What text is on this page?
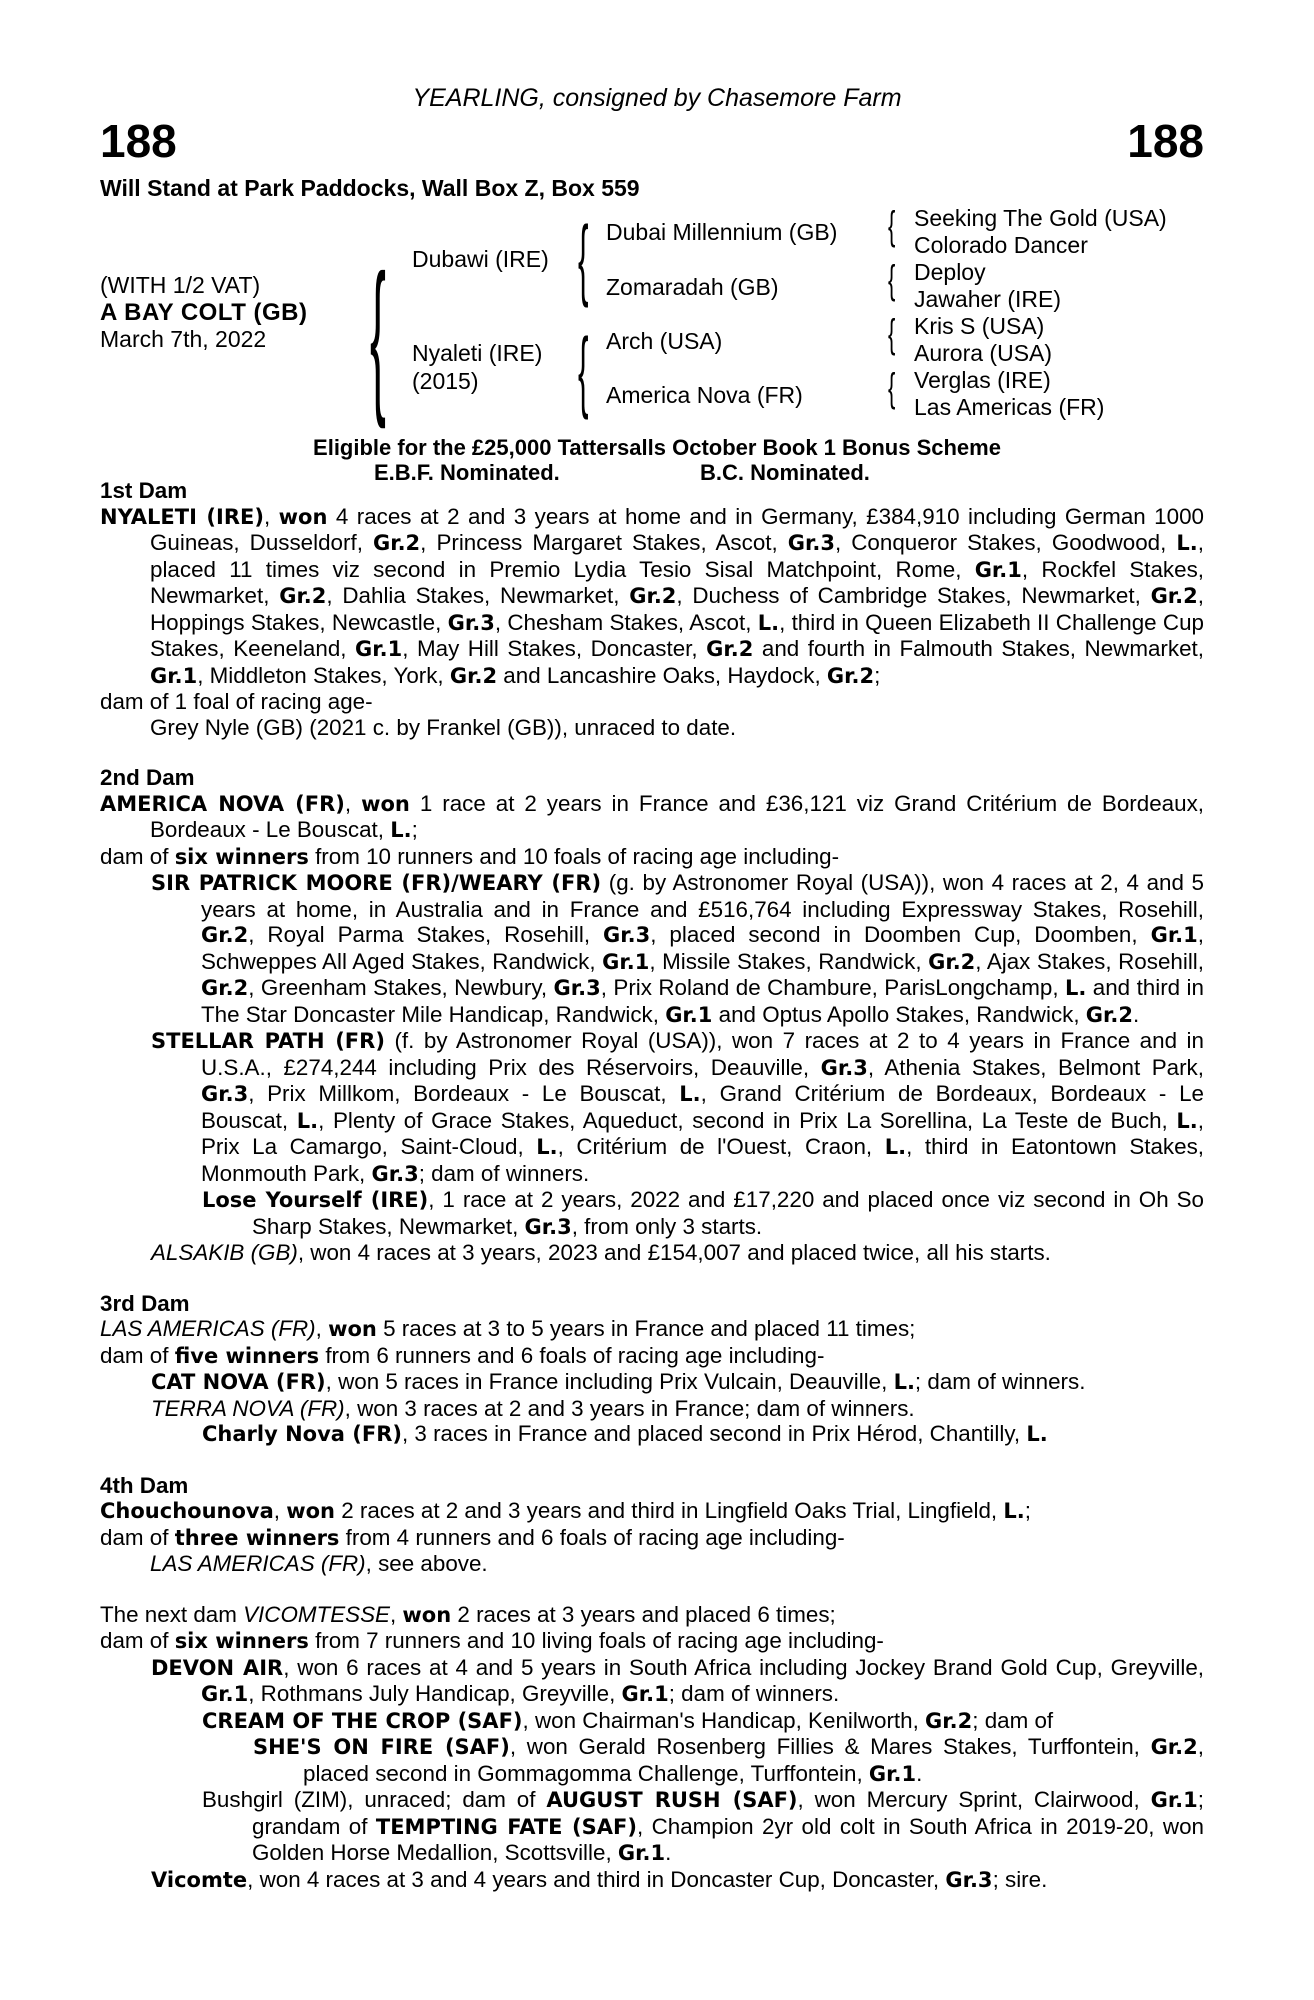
YEARLING, consigned by Chasemore Farm
188	188
Will Stand at Park Paddocks, Wall Box Z, Box 559
(WITH 1/2 VAT)
A BAY COLT (GB)
March 7th, 2022 { Dubawi (IRE)
Nyaleti (IRE)
(2015)
{
{
Dubai Millennium (GB)
Zomaradah (GB)
Arch (USA)
America Nova (FR)
{
{
{
{
Seeking The Gold (USA)
Colorado Dancer
Deploy
Jawaher (IRE)
Kris S (USA)
Aurora (USA)
Verglas (IRE)
Las Americas (FR)
Eligible for the £25,000 Tattersalls October Book 1 Bonus Scheme
E.B.F. Nominated.	B.C. Nominated.

1st Dam

NYALETI (IRE), won 4 races at 2 and 3 years at home and in Germany, £384,910 including German 1000 Guineas, Dusseldorf, Gr.2, Princess Margaret Stakes, Ascot, Gr.3, Conqueror Stakes, Goodwood, L., placed 11 times viz second in Premio Lydia Tesio Sisal Matchpoint, Rome, Gr.1, Rockfel Stakes, Newmarket, Gr.2, Dahlia Stakes, Newmarket, Gr.2, Duchess of Cambridge Stakes, Newmarket, Gr.2, Hoppings Stakes, Newcastle, Gr.3, Chesham Stakes, Ascot, L., third in Queen Elizabeth II Challenge Cup Stakes, Keeneland, Gr.1, May Hill Stakes, Doncaster, Gr.2 and fourth in Falmouth Stakes, Newmarket, Gr.1, Middleton Stakes, York, Gr.2 and Lancashire Oaks, Haydock, Gr.2;

dam of 1 foal of racing age-

Grey Nyle (GB) (2021 c. by Frankel (GB)), unraced to date.

2nd Dam

AMERICA NOVA (FR), won 1 race at 2 years in France and £36,121 viz Grand Critérium de Bordeaux, Bordeaux - Le Bouscat, L.;

dam of six winners from 10 runners and 10 foals of racing age including-

SIR PATRICK MOORE (FR)/WEARY (FR) (g. by Astronomer Royal (USA)), won 4 races at 2, 4 and 5 years at home, in Australia and in France and £516,764 including Expressway Stakes, Rosehill, Gr.2, Royal Parma Stakes, Rosehill, Gr.3, placed second in Doomben Cup, Doomben, Gr.1, Schweppes All Aged Stakes, Randwick, Gr.1, Missile Stakes, Randwick, Gr.2, Ajax Stakes, Rosehill, Gr.2, Greenham Stakes, Newbury, Gr.3, Prix Roland de Chambure, ParisLongchamp, L. and third in The Star Doncaster Mile Handicap, Randwick, Gr.1 and Optus Apollo Stakes, Randwick, Gr.2.

STELLAR PATH (FR) (f. by Astronomer Royal (USA)), won 7 races at 2 to 4 years in France and in U.S.A., £274,244 including Prix des Réservoirs, Deauville, Gr.3, Athenia Stakes, Belmont Park, Gr.3, Prix Millkom, Bordeaux - Le Bouscat, L., Grand Critérium de Bordeaux, Bordeaux - Le Bouscat, L., Plenty of Grace Stakes, Aqueduct, second in Prix La Sorellina, La Teste de Buch, L., Prix La Camargo, Saint-Cloud, L., Critérium de l'Ouest, Craon, L., third in Eatontown Stakes, Monmouth Park, Gr.3; dam of winners.

Lose Yourself (IRE), 1 race at 2 years, 2022 and £17,220 and placed once viz second in Oh So Sharp Stakes, Newmarket, Gr.3, from only 3 starts.

ALSAKIB (GB), won 4 races at 3 years, 2023 and £154,007 and placed twice, all his starts.

3rd Dam

LAS AMERICAS (FR), won 5 races at 3 to 5 years in France and placed 11 times;

dam of five winners from 6 runners and 6 foals of racing age including-

CAT NOVA (FR), won 5 races in France including Prix Vulcain, Deauville, L.; dam of winners.

TERRA NOVA (FR), won 3 races at 2 and 3 years in France; dam of winners.

Charly Nova (FR), 3 races in France and placed second in Prix Hérod, Chantilly, L.

4th Dam

Chouchounova, won 2 races at 2 and 3 years and third in Lingfield Oaks Trial, Lingfield, L.;

dam of three winners from 4 runners and 6 foals of racing age including-

LAS AMERICAS (FR), see above.

The next dam VICOMTESSE, won 2 races at 3 years and placed 6 times;

dam of six winners from 7 runners and 10 living foals of racing age including-

DEVON AIR, won 6 races at 4 and 5 years in South Africa including Jockey Brand Gold Cup, Greyville, Gr.1, Rothmans July Handicap, Greyville, Gr.1; dam of winners.

CREAM OF THE CROP (SAF), won Chairman's Handicap, Kenilworth, Gr.2; dam of

SHE'S ON FIRE (SAF), won Gerald Rosenberg Fillies & Mares Stakes, Turffontein, Gr.2, placed second in Gommagomma Challenge, Turffontein, Gr.1.

Bushgirl (ZIM), unraced; dam of AUGUST RUSH (SAF), won Mercury Sprint, Clairwood, Gr.1; grandam of TEMPTING FATE (SAF), Champion 2yr old colt in South Africa in 2019-20, won Golden Horse Medallion, Scottsville, Gr.1.

Vicomte, won 4 races at 3 and 4 years and third in Doncaster Cup, Doncaster, Gr.3; sire.
